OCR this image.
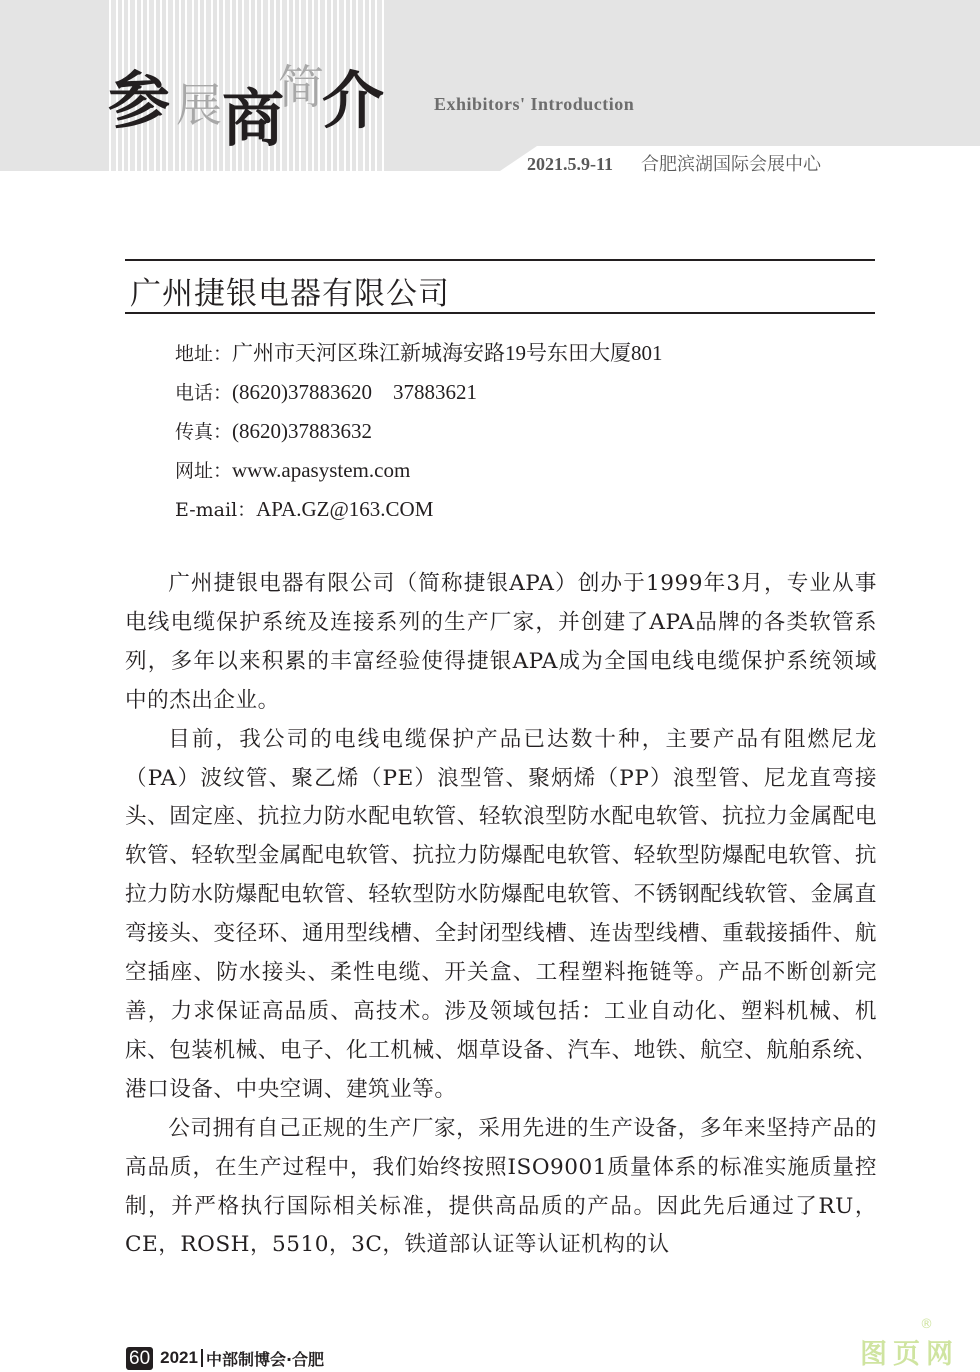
参 展 商
简
介	Exhibitors' Introduction
2021.5.9-11 合肥滨湖国际会展中心
广州捷银电器有限公司
地址：广州市天河区珠江新城海安路19号东田大厦801
电话：(8620)37883620　37883621
传真：(8620)37883632
网址：www.apasystem.com
E-mail：APA.GZ@163.COM

广州捷银电器有限公司（简称捷银APA）创办于1999年3月，专业从事电线电缆保护系统及连接系列的生产厂家，并创建了APA品牌的各类软管系列，多年以来积累的丰富经验使得捷银APA成为全国电线电缆保护系统领域中的杰出企业。

目前，我公司的电线电缆保护产品已达数十种，主要产品有阻燃尼龙（PA）波纹管、聚乙烯（PE）浪型管、聚炳烯（PP）浪型管、尼龙直弯接头、固定座、抗拉力防水配电软管、轻软浪型防水配电软管、抗拉力金属配电软管、轻软型金属配电软管、抗拉力防爆配电软管、轻软型防爆配电软管、抗拉力防水防爆配电软管、轻软型防水防爆配电软管、不锈钢配线软管、金属直弯接头、变径环、通用型线槽、全封闭型线槽、连齿型线槽、重载接插件、航空插座、防水接头、柔性电缆、开关盒、工程塑料拖链等。产品不断创新完善，力求保证高品质、高技术。涉及领域包括：工业自动化、塑料机械、机床、包装机械、电子、化工机械、烟草设备、汽车、地铁、航空、航舶系统、港口设备、中央空调、建筑业等。

公司拥有自己正规的生产厂家，采用先进的生产设备，多年来坚持产品的高品质，在生产过程中，我们始终按照ISO9001质量体系的标准实施质量控制，并严格执行国际相关标准，提供高品质的产品。因此先后通过了RU，CE，ROSH，5510，3C，铁道部认证等认证机构的认

60 2021 中部制博会·合肥	图页网
®
